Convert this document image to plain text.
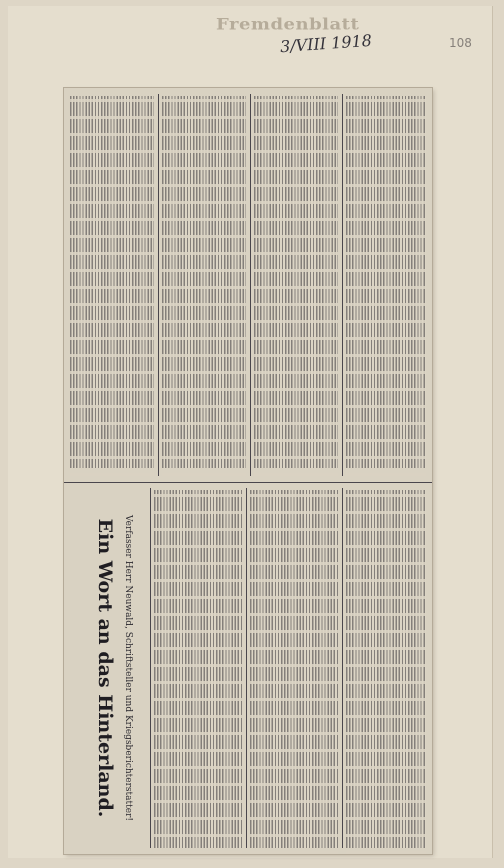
Fremdenblatt
3/VIII 1918	108
Ein Wort an das Hinterland. Verfasser Herr Neuwald, Schriftsteller und Kriegsberichterstatter!
